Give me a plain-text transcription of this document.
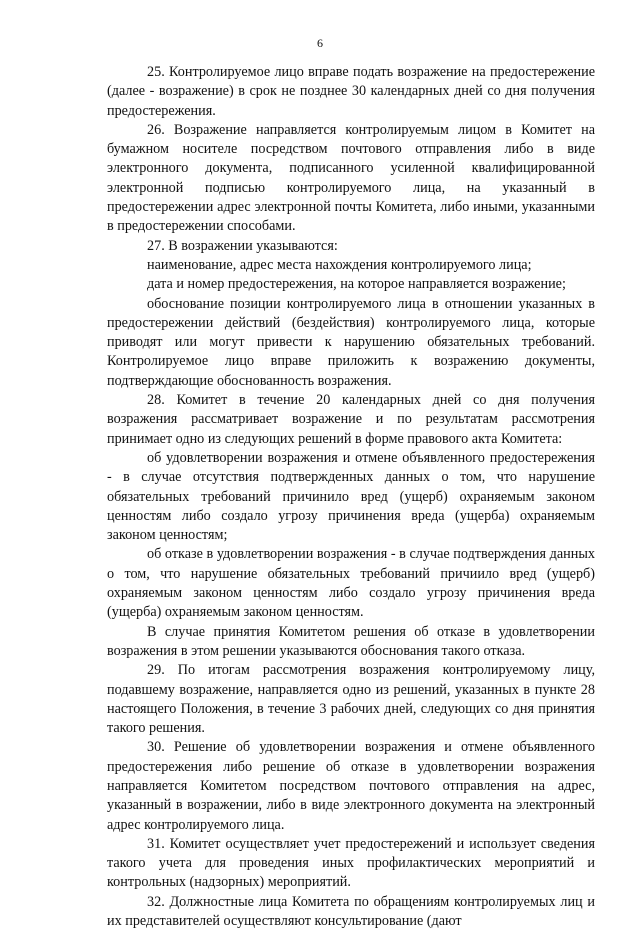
6

25. Контролируемое лицо вправе подать возражение на предостережение (далее - возражение) в срок не позднее 30 календарных дней со дня получения предостережения.

26. Возражение направляется контролируемым лицом в Комитет на бумажном носителе посредством почтового отправления либо в виде электронного документа, подписанного усиленной квалифицированной электронной подписью контролируемого лица, на указанный в предостережении адрес электронной почты Комитета, либо иными, указанными в предостережении способами.

27. В возражении указываются:

наименование, адрес места нахождения контролируемого лица;

дата и номер предостережения, на которое направляется возражение;

обоснование позиции контролируемого лица в отношении указанных в предостережении действий (бездействия) контролируемого лица, которые приводят или могут привести к нарушению обязательных требований. Контролируемое лицо вправе приложить к возражению документы, подтверждающие обоснованность возражения.

28. Комитет в течение 20 календарных дней со дня получения возражения рассматривает возражение и по результатам рассмотрения принимает одно из следующих решений в форме правового акта Комитета:

об удовлетворении возражения и отмене объявленного предостережения - в случае отсутствия подтвержденных данных о том, что нарушение обязательных требований причинило вред (ущерб) охраняемым законом ценностям либо создало угрозу причинения вреда (ущерба) охраняемым законом ценностям;

об отказе в удовлетворении возражения - в случае подтверждения данных о том, что нарушение обязательных требований причиило вред (ущерб) охраняемым законом ценностям либо создало угрозу причинения вреда (ущерба) охраняемым законом ценностям.

В случае принятия Комитетом решения об отказе в удовлетворении возражения в этом решении указываются обоснования такого отказа.

29. По итогам рассмотрения возражения контролируемому лицу, подавшему возражение, направляется одно из решений, указанных в пункте 28 настоящего Положения, в течение 3 рабочих дней, следующих со дня принятия такого решения.

30. Решение об удовлетворении возражения и отмене объявленного предостережения либо решение об отказе в удовлетворении возражения направляется Комитетом посредством почтового отправления на адрес, указанный в возражении, либо в виде электронного документа на электронный адрес контролируемого лица.

31. Комитет осуществляет учет предостережений и использует сведения такого учета для проведения иных профилактических мероприятий и контрольных (надзорных) мероприятий.

32. Должностные лица Комитета по обращениям контролируемых лиц и их представителей осуществляют консультирование (дают
